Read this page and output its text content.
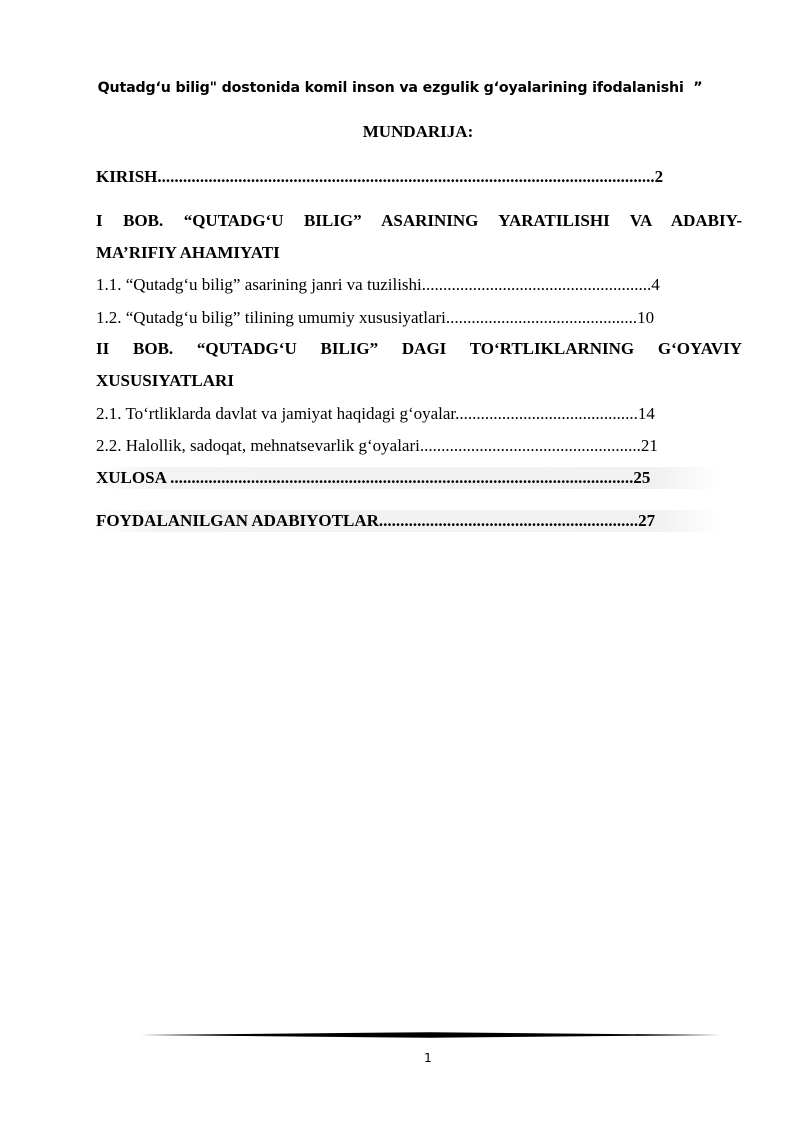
Qutadg‘u bilig" dostonida komil inson va ezgulik g‘oyalarining ifodalanishi  ”
MUNDARIJA:
KIRISH.....................................................................................................................2
I BOB. “QUTADG‘U BILIG” ASARINING YARATILISHI VA ADABIY-
MA’RIFIY AHAMIYATI
1.1. “Qutadg‘u bilig” asarining janri va tuzilishi......................................................4
1.2. “Qutadg‘u bilig” tilining umumiy xususiyatlari.............................................10
II BOB. “QUTADG‘U BILIG” DAGI TO‘RTLIKLARNING G‘OYAVIY
XUSUSIYATLARI
2.1. To‘rtliklarda davlat va jamiyat haqidagi g‘oyalar...........................................14
2.2. Halollik, sadoqat, mehnatsevarlik g‘oyalari....................................................21
XULOSA .............................................................................................................25
FOYDALANILGAN ADABIYOTLAR.............................................................27
1
